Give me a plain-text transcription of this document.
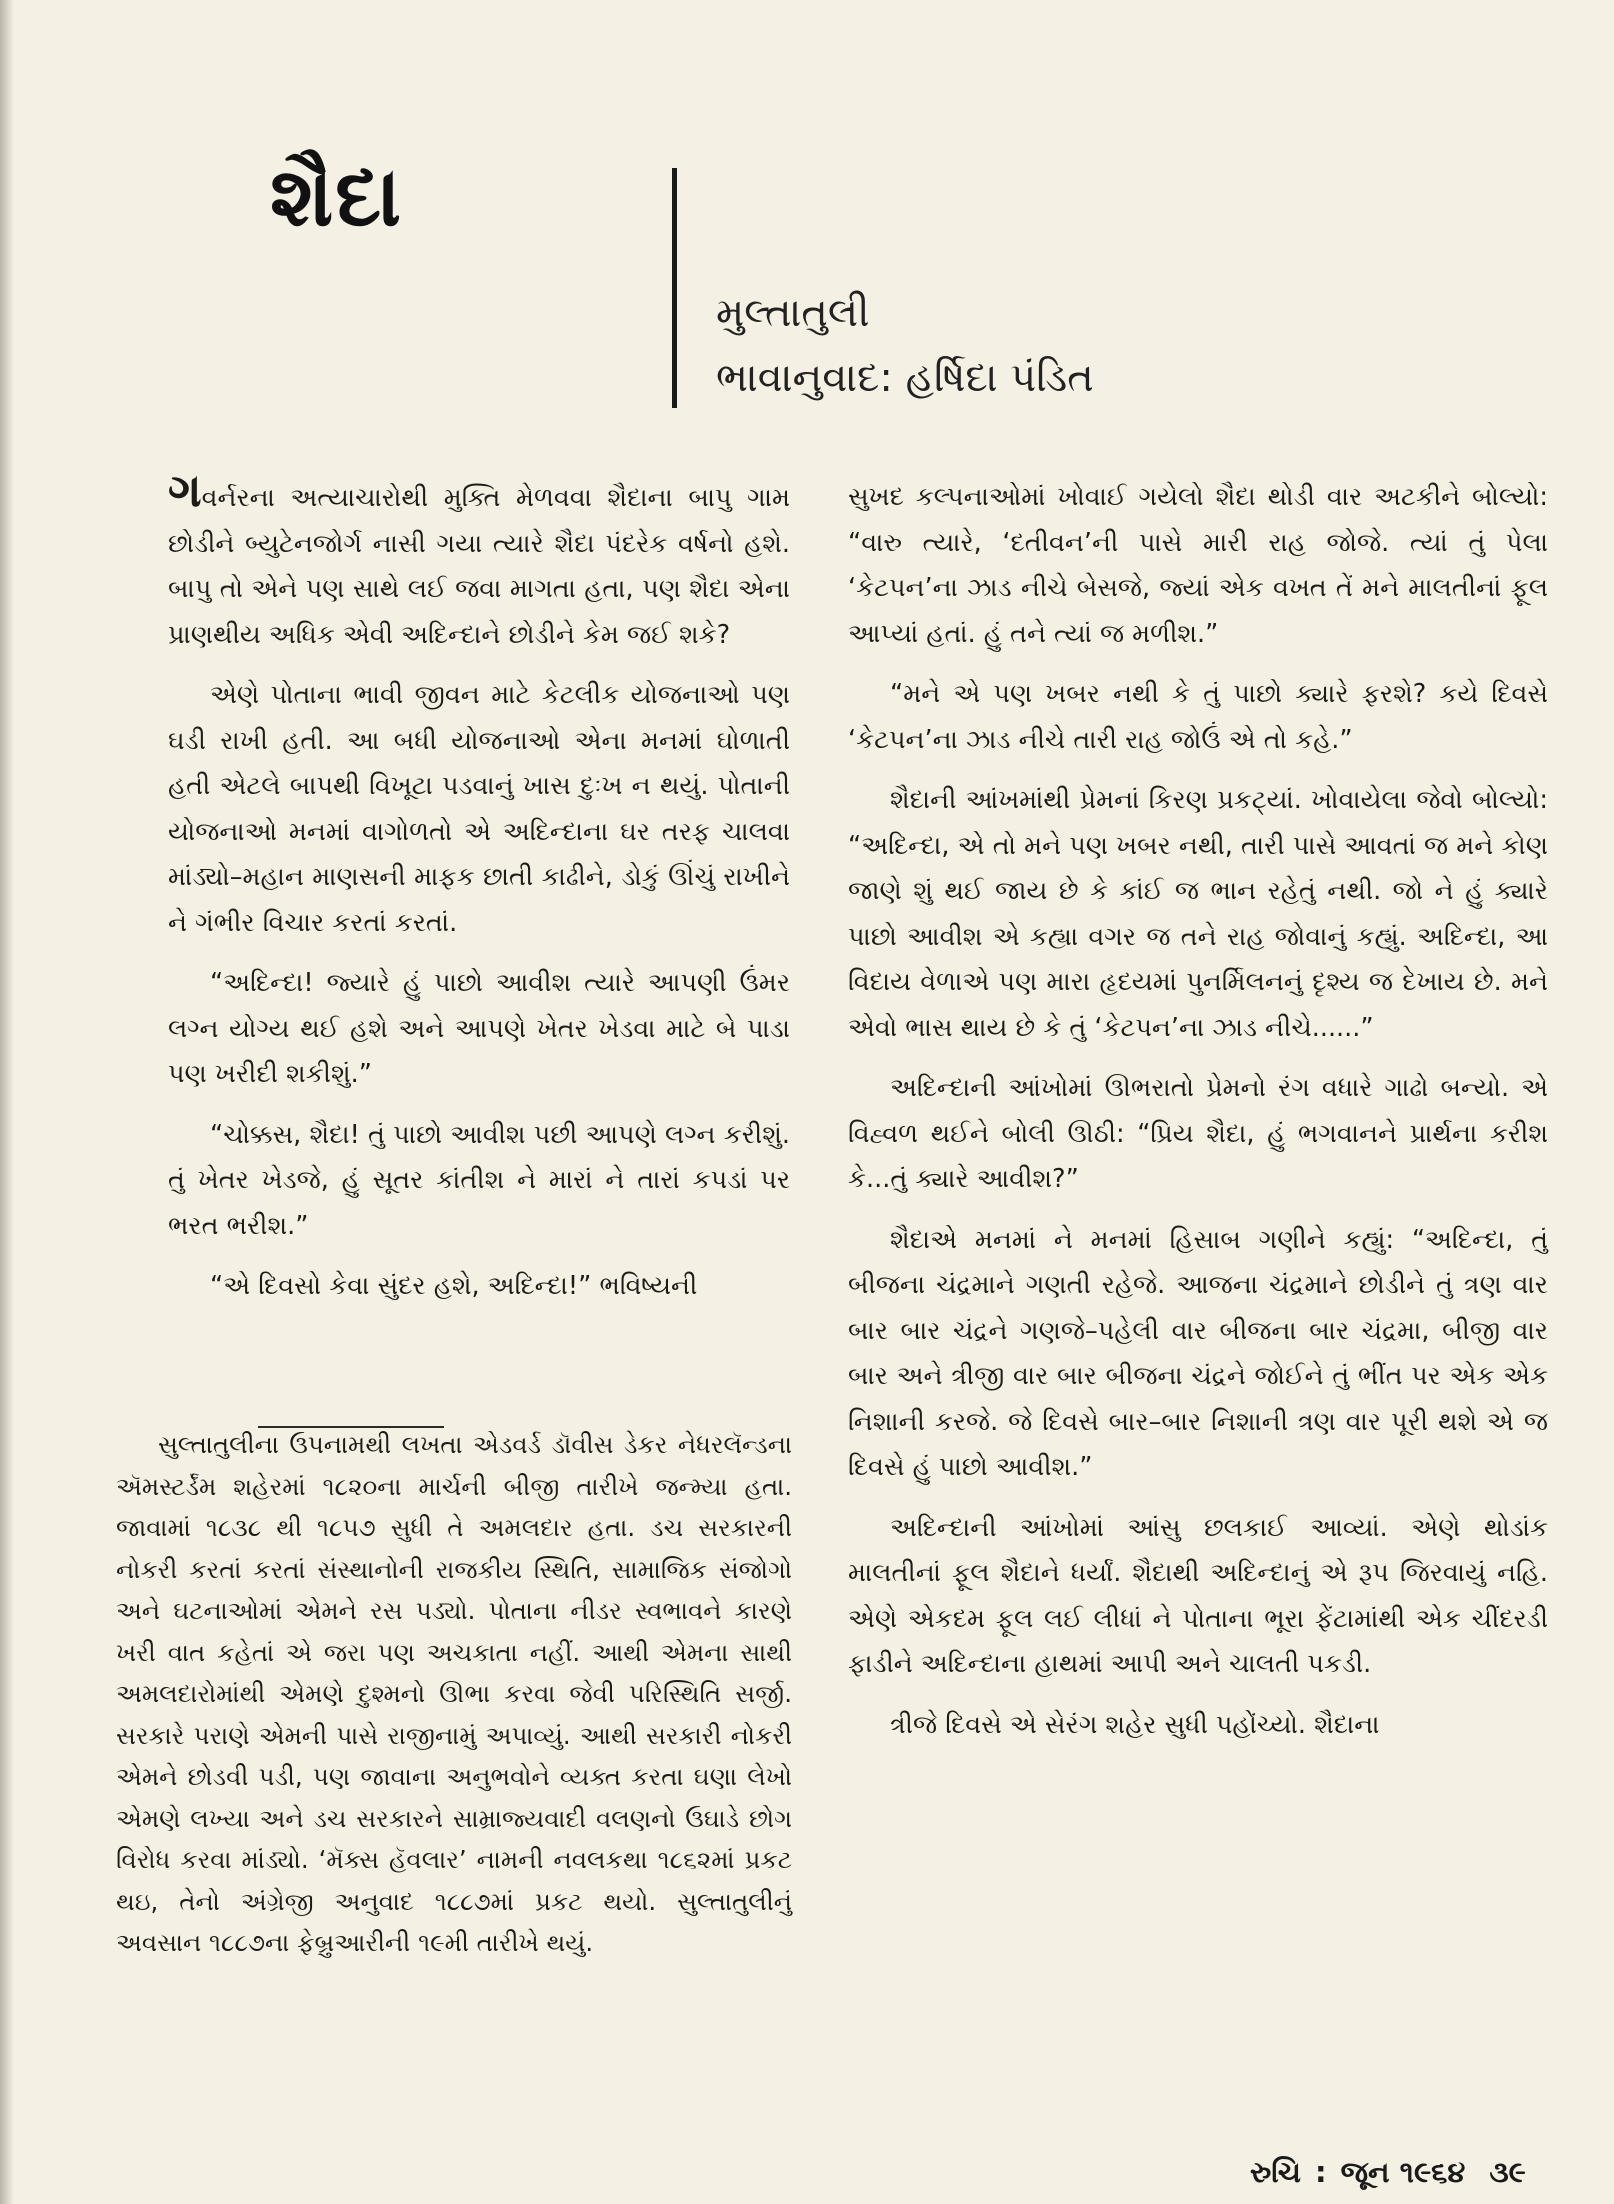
શૈદા
મુલ્તાતુલી
ભાવાનુવાદ: હર્ષિદા પંડિત

ગવર્નરના અત્યાચારોથી મુક્તિ મેળવવા શૈદાના બાપુ ગામ છોડીને બ્યુટેનજોર્ગ નાસી ગયા ત્યારે શૈદા પંદરેક વર્ષનો હશે. બાપુ તો એને પણ સાથે લઈ જવા માગતા હતા, પણ શૈદા એના પ્રાણથીય અધિક એવી અદિન્દાને છોડીને કેમ જઈ શકે?

એણે પોતાના ભાવી જીવન માટે કેટલીક યોજનાઓ પણ ઘડી રાખી હતી. આ બધી યોજનાઓ એના મનમાં ઘોળાતી હતી એટલે બાપથી વિખૂટા પડવાનું ખાસ દુઃખ ન થયું. પોતાની યોજનાઓ મનમાં વાગોળતો એ અદિન્દાના ઘર તરફ ચાલવા માંડ્યો–મહાન માણસની માફક છાતી કાઢીને, ડોકું ઊંચું રાખીને ને ગંભીર વિચાર કરતાં કરતાં.

“અદિન્દા! જ્યારે હું પાછો આવીશ ત્યારે આપણી ઉંમર લગ્ન યોગ્ય થઈ હશે અને આપણે ખેતર ખેડવા માટે બે પાડા પણ ખરીદી શકીશું.”

“ચોક્કસ, શૈદા! તું પાછો આવીશ પછી આપણે લગ્ન કરીશું. તું ખેતર ખેડજે, હું સૂતર કાંતીશ ને મારાં ને તારાં કપડાં પર ભરત ભરીશ.”

“એ દિવસો કેવા સુંદર હશે, અદિન્દા!” ભવિષ્યની

સુલ્તાતુલીના ઉપનામથી લખતા એડવર્ડ ડૉવીસ ડેકર નેધરલૅન્ડના ઍમસ્ટર્ડૅમ શહેરમાં ૧૮૨૦ના માર્ચની બીજી તારીખે જન્મ્યા હતા. જાવામાં ૧૮૩૮ થી ૧૮૫૭ સુધી તે અમલદાર હતા. ડચ સરકારની નોકરી કરતાં કરતાં સંસ્થાનોની રાજકીય સ્થિતિ, સામાજિક સંજોગો અને ઘટનાઓમાં એમને રસ પડ્યો. પોતાના નીડર સ્વભાવને કારણે ખરી વાત કહેતાં એ જરા પણ અચકાતા નહીં. આથી એમના સાથી અમલદારોમાંથી એમણે દુશ્મનો ઊભા કરવા જેવી પરિસ્થિતિ સર્જી. સરકારે પરાણે એમની પાસે રાજીનામું અપાવ્યું. આથી સરકારી નોકરી એમને છોડવી પડી, પણ જાવાના અનુભવોને વ્યક્ત કરતા ઘણા લેખો એમણે લખ્યા અને ડચ સરકારને સામ્રાજ્યવાદી વલણનો ઉઘાડે છોગ વિરોધ કરવા માંડ્યો. ‘મૅક્સ હૅવલાર’ નામની નવલકથા ૧૮૬૨માં પ્રકટ થઇ, તેનો અંગ્રેજી અનુવાદ ૧૮૮૭માં પ્રકટ થયો. સુલ્તાતુલીનું અવસાન ૧૮૮૭ના ફેબ્રુઆરીની ૧૯મી તારીખે થયું.

સુખદ કલ્પનાઓમાં ખોવાઈ ગયેલો શૈદા થોડી વાર અટકીને બોલ્યો: “વારુ ત્યારે, ‘દતીવન’ની પાસે મારી રાહ જોજે. ત્યાં તું પેલા ‘કેટપન’ના ઝાડ નીચે બેસજે, જ્યાં એક વખત તેં મને માલતીનાં ફૂલ આપ્યાં હતાં. હું તને ત્યાં જ મળીશ.”

“મને એ પણ ખબર નથી કે તું પાછો ક્યારે ફરશે? કયે દિવસે ‘કેટપન’ના ઝાડ નીચે તારી રાહ જોઉં એ તો કહે.”

શૈદાની આંખમાંથી પ્રેમનાં કિરણ પ્રકટ્યાં. ખોવાયેલા જેવો બોલ્યો: “અદિન્દા, એ તો મને પણ ખબર નથી, તારી પાસે આવતાં જ મને કોણ જાણે શું થઈ જાય છે કે કાંઈ જ ભાન રહેતું નથી. જો ને હું ક્યારે પાછો આવીશ એ કહ્યા વગર જ તને રાહ જોવાનું કહ્યું. અદિન્દા, આ વિદાય વેળાએ પણ મારા હૃદયમાં પુનર્મિલનનું દૃશ્ય જ દેખાય છે. મને એવો ભાસ થાય છે કે તું ‘કેટપન’ના ઝાડ નીચે......”

અદિન્દાની આંખોમાં ઊભરાતો પ્રેમનો રંગ વધારે ગાઢો બન્યો. એ વિહ્વળ થઈને બોલી ઊઠી: “પ્રિય શૈદા, હું ભગવાનને પ્રાર્થના કરીશ કે...તું ક્યારે આવીશ?”

શૈદાએ મનમાં ને મનમાં હિસાબ ગણીને કહ્યું: “અદિન્દા, તું બીજના ચંદ્રમાને ગણતી રહેજે. આજના ચંદ્રમાને છોડીને તું ત્રણ વાર બાર બાર ચંદ્રને ગણજે–પહેલી વાર બીજના બાર ચંદ્રમા, બીજી વાર બાર અને ત્રીજી વાર બાર બીજના ચંદ્રને જોઈને તું ભીંત પર એક એક નિશાની કરજે. જે દિવસે બાર–બાર નિશાની ત્રણ વાર પૂરી થશે એ જ દિવસે હું પાછો આવીશ.”

અદિન્દાની આંખોમાં આંસુ છલકાઈ આવ્યાં. એણે થોડાંક માલતીનાં ફૂલ શૈદાને ધર્યાં. શૈદાથી અદિન્દાનું એ રૂપ જિરવાયું નહિ. એણે એકદમ ફૂલ લઈ લીધાં ને પોતાના ભૂરા ફેંટામાંથી એક ચીંદરડી ફાડીને અદિન્દાના હાથમાં આપી અને ચાલતી પકડી.

ત્રીજે દિવસે એ સેરંગ શહેર સુધી પહોંચ્યો. શૈદાના

રુચિ : જૂન ૧૯૬૪ ૩૯
